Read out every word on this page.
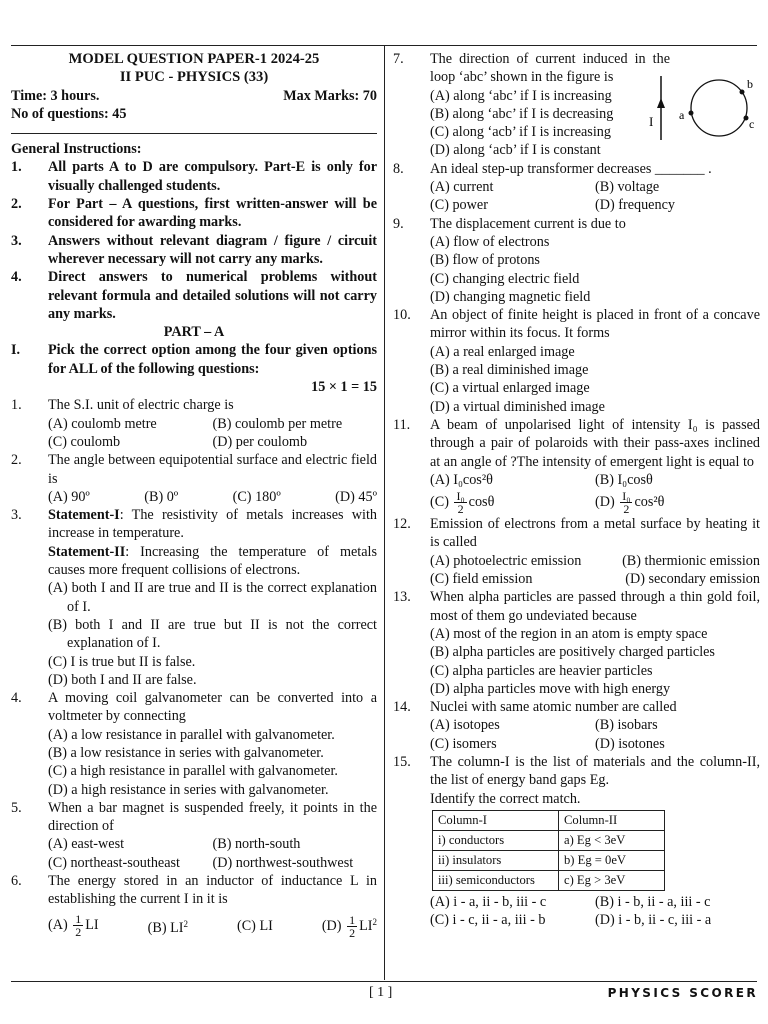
MODEL QUESTION PAPER-1 2024-25
II PUC - PHYSICS (33)
Time: 3 hours.	Max Marks: 70
No of questions: 45
General Instructions:
1.	All parts A to D are compulsory. Part-E is only for visually challenged students.
2.	For Part – A questions, first written-answer will be considered for awarding marks.
3.	Answers without relevant diagram / figure / circuit wherever necessary will not carry any marks.
4.	Direct answers to numerical problems without relevant formula and detailed solutions will not carry any marks.
PART – A
I.	Pick the correct option among the four given options for ALL of the following questions:
15 × 1 = 15
1.	The S.I. unit of electric charge is
(A) coulomb metre	(B) coulomb per metre
(C) coulomb	(D) per coulomb
2.	The angle between equipotential surface and electric field is
(A) 90º	(B) 0º	(C) 180º	(D) 45º
3.	Statement-I: The resistivity of metals increases with increase in temperature.
Statement-II: Increasing the temperature of metals causes more frequent collisions of electrons.
(A) both I and II are true and II is the correct explanation of I.
(B) both I and II are true but II is not the correct explanation of I.
(C) I is true but II is false.
(D) both I and II are false.
4.	A moving coil galvanometer can be converted into a voltmeter by connecting
(A) a low resistance in parallel with galvanometer.
(B) a low resistance in series with galvanometer.
(C) a high resistance in parallel with galvanometer.
(D) a high resistance in series with galvanometer.
5.	When a bar magnet is suspended freely, it points in the direction of
(A) east-west	(B) north-south
(C) northeast-southeast	(D) northwest-southwest
6.	The energy stored in an inductor of inductance L in establishing the current I in it is
$(A) \frac{1}{2}$ LI	(B) $LI^2$	(C) LI	$(D) \frac{1}{2} LI^2$
7.	The direction of current induced in the loop ‘abc’ shown in the figure is
(A) along ‘abc’ if I is increasing
(B) along ‘abc’ if I is decreasing
(C) along ‘acb’ if I is increasing
(D) along ‘acb’ if I is constant
I a
b
c
8.	An ideal step-up transformer decreases _______ .
(A) current	(B) voltage
(C) power	(D) frequency
9.	The displacement current is due to
(A) flow of electrons
(B) flow of protons
(C) changing electric field
(D) changing magnetic field
10.	An object of finite height is placed in front of a concave mirror within its focus. It forms
(A) a real enlarged image
(B) a real diminished image
(C) a virtual enlarged image
(D) a virtual diminished image
11.	A beam of unpolarised light of intensity I₀ is passed through a pair of polaroids with their pass-axes inclined at an angle of ?The intensity of emergent light is equal to
(A) I₀cos²θ	(B) I₀cosθ
$(C) \frac{\text{I₀}}{2}$ cosθ	$(D) \frac{\text{I₀}}{2} \cos^2\theta$
12.	Emission of electrons from a metal surface by heating it is called
(A) photoelectric emission	(B) thermionic emission
(C) field emission	(D) secondary emission
13.	When alpha particles are passed through a thin gold foil, most of them go undeviated because
(A) most of the region in an atom is empty space
(B) alpha particles are positively charged particles
(C) alpha particles are heavier particles
(D) alpha particles move with high energy
14.	Nuclei with same atomic number are called
(A) isotopes	(B) isobars
(C) isomers	(D) isotones
15.	The column-I is the list of materials and the column-II, the list of energy band gaps Eg.
Identify the correct match.
Column-I	Column-II
i) conductors	a) Eg < 3eV
ii) insulators	b) Eg = 0eV
iii) semiconductors	c) Eg > 3eV
(A) i - a, ii - b, iii - c	(B) i - b, ii - a, iii - c
(C) i - c, ii - a, iii - b	(D) i - b, ii - c, iii - a
[ 1 ]	PHYSICS SCORER
